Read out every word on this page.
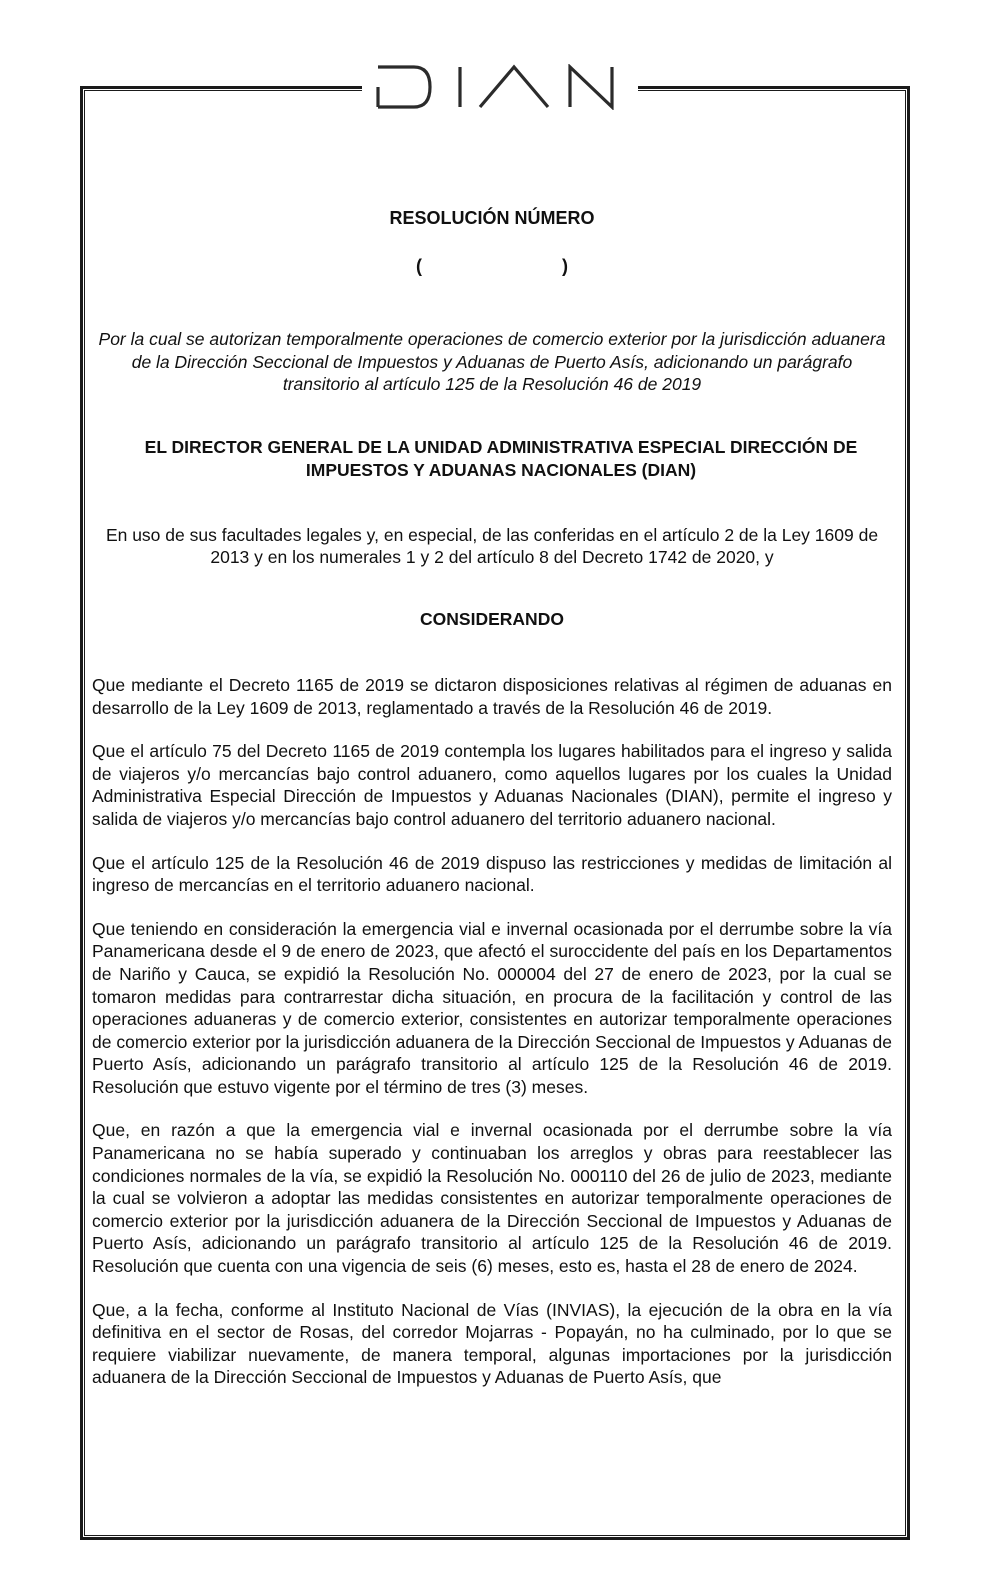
RESOLUCIÓN NÚMERO

(	)

Por la cual se autorizan temporalmente operaciones de comercio exterior por la jurisdicción aduanera de la Dirección Seccional de Impuestos y Aduanas de Puerto Asís, adicionando un parágrafo transitorio al artículo 125 de la Resolución 46 de 2019

EL DIRECTOR GENERAL DE LA UNIDAD ADMINISTRATIVA ESPECIAL DIRECCIÓN DE IMPUESTOS Y ADUANAS NACIONALES (DIAN)

En uso de sus facultades legales y, en especial, de las conferidas en el artículo 2 de la Ley 1609 de 2013 y en los numerales 1 y 2 del artículo 8 del Decreto 1742 de 2020, y

CONSIDERANDO

Que mediante el Decreto 1165 de 2019 se dictaron disposiciones relativas al régimen de aduanas en desarrollo de la Ley 1609 de 2013, reglamentado a través de la Resolución 46 de 2019.

Que el artículo 75 del Decreto 1165 de 2019 contempla los lugares habilitados para el ingreso y salida de viajeros y/o mercancías bajo control aduanero, como aquellos lugares por los cuales la Unidad Administrativa Especial Dirección de Impuestos y Aduanas Nacionales (DIAN), permite el ingreso y salida de viajeros y/o mercancías bajo control aduanero del territorio aduanero nacional.

Que el artículo 125 de la Resolución 46 de 2019 dispuso las restricciones y medidas de limitación al ingreso de mercancías en el territorio aduanero nacional.

Que teniendo en consideración la emergencia vial e invernal ocasionada por el derrumbe sobre la vía Panamericana desde el 9 de enero de 2023, que afectó el suroccidente del país en los Departamentos de Nariño y Cauca, se expidió la Resolución No. 000004 del 27 de enero de 2023, por la cual se tomaron medidas para contrarrestar dicha situación, en procura de la facilitación y control de las operaciones aduaneras y de comercio exterior, consistentes en autorizar temporalmente operaciones de comercio exterior por la jurisdicción aduanera de la Dirección Seccional de Impuestos y Aduanas de Puerto Asís, adicionando un parágrafo transitorio al artículo 125 de la Resolución 46 de 2019. Resolución que estuvo vigente por el término de tres (3) meses.

Que, en razón a que la emergencia vial e invernal ocasionada por el derrumbe sobre la vía Panamericana no se había superado y continuaban los arreglos y obras para reestablecer las condiciones normales de la vía, se expidió la Resolución No. 000110 del 26 de julio de 2023, mediante la cual se volvieron a adoptar las medidas consistentes en autorizar temporalmente operaciones de comercio exterior por la jurisdicción aduanera de la Dirección Seccional de Impuestos y Aduanas de Puerto Asís, adicionando un parágrafo transitorio al artículo 125 de la Resolución 46 de 2019. Resolución que cuenta con una vigencia de seis (6) meses, esto es, hasta el 28 de enero de 2024.

Que, a la fecha, conforme al Instituto Nacional de Vías (INVIAS), la ejecución de la obra en la vía definitiva en el sector de Rosas, del corredor Mojarras - Popayán, no ha culminado, por lo que se requiere viabilizar nuevamente, de manera temporal, algunas importaciones por la jurisdicción aduanera de la Dirección Seccional de Impuestos y Aduanas de Puerto Asís, que
